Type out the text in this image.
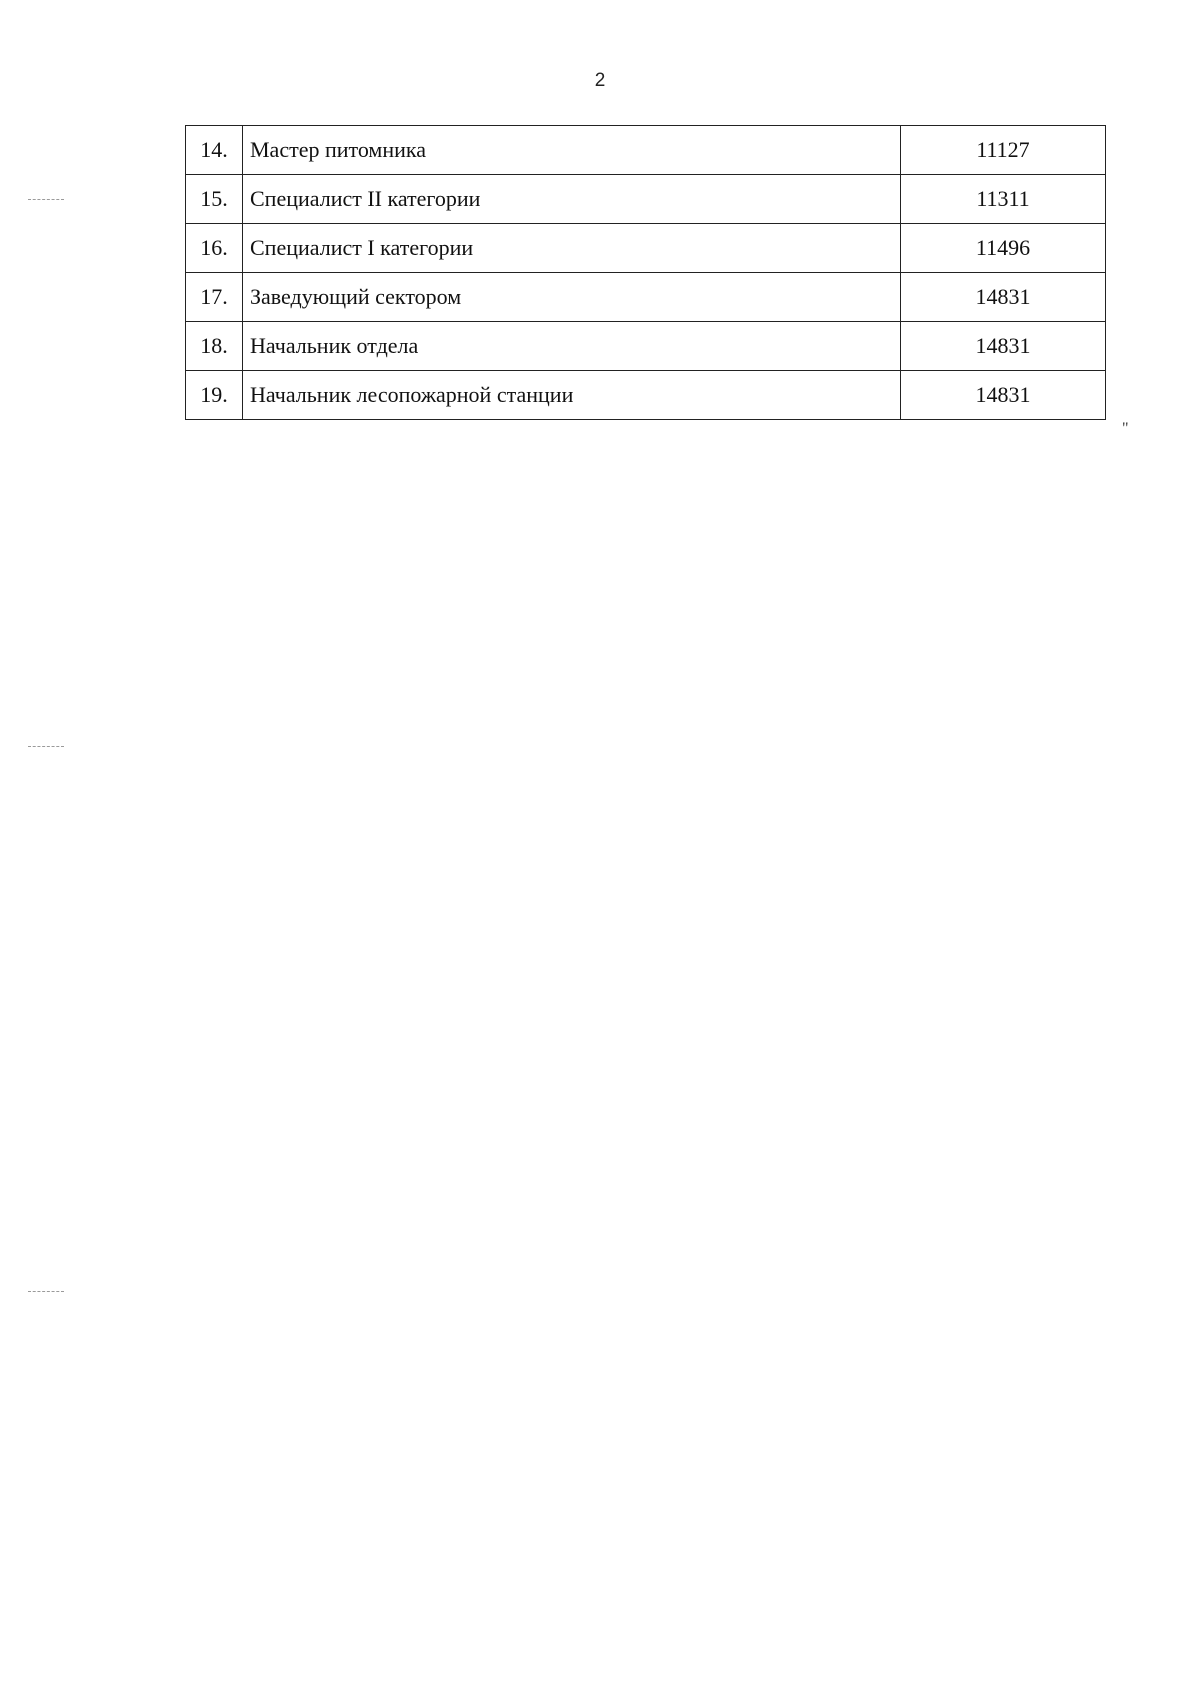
2
14.	Мастер питомника	11127
15.	Специалист II категории	11311
16.	Специалист I категории	11496
17.	Заведующий сектором	14831
18.	Начальник отдела	14831
19.	Начальник лесопожарной станции	14831
"
